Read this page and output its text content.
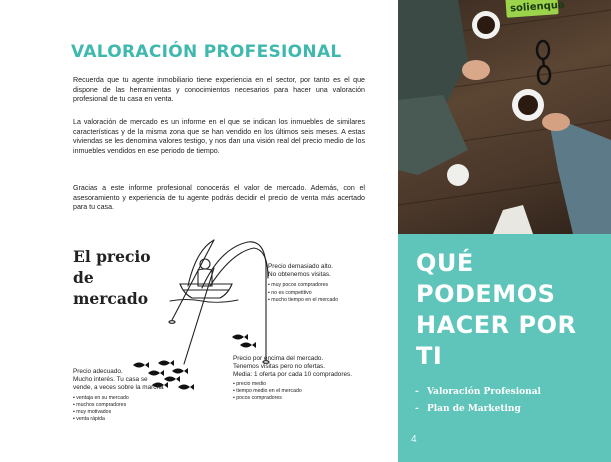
VALORACIÓN PROFESIONAL

Recuerda que tu agente inmobiliario tiene experiencia en el sector, por tanto es el que dispone de las herramientas y conocimientos necesarios para hacer una valoración profesional de tu casa en venta.

La valoración de mercado es un informe en el que se indican los inmuebles de similares características y de la misma zona que se han vendido en los últimos seis meses. A estas viviendas se les denomina valores testigo, y nos dan una visión real del precio medio de los inmuebles vendidos en ese periodo de tiempo.

Gracias a este informe profesional conocerás el valor de mercado. Además, con el asesoramiento y experiencia de tu agente podrás decidir el precio de venta más acertado para tu casa.

El precio de mercado
Precio demasiado alto.
No obtenemos visitas.
▪ muy pocos compradores
▪ no es competitivo
▪ mucho tiempo en el mercado
Precio por encima del mercado.
Tenemos visitas pero no ofertas.
Media: 1 oferta por cada 10 compradores.
▪ precio medio
▪ tiempo medio en el mercado
▪ pocos compradores
Precio adecuado.
Mucho interés. Tu casa se vende, a veces sobre la marcha
▪ ventaja en su mercado
▪ muchos compradores
▪ muy motivados
▪ venta rápida
solienqua
QUÉ PODEMOS HACER POR TI
- Valoración Profesional
- Plan de Marketing
4
